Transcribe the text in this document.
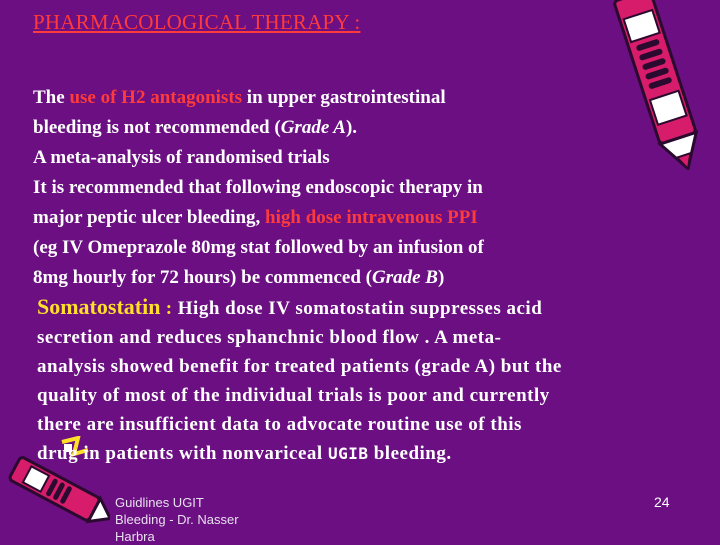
PHARMACOLOGICAL THERAPY :
The use of H2 antagonists in upper gastrointestinal
bleeding is not recommended (Grade A).
A meta-analysis of randomised trials
It is recommended that following endoscopic therapy in
major peptic ulcer bleeding, high dose intravenous PPI
(eg IV Omeprazole 80mg stat followed by an infusion of
8mg hourly for 72 hours) be commenced (Grade B)
Somatostatin : High dose IV somatostatin suppresses acid
secretion and reduces sphanchnic blood flow . A meta-
analysis showed benefit for treated patients (grade A) but the
quality of most of the individual trials is poor and currently
there are insufficient data to advocate routine use of this
drug in patients with nonvariceal UGIB bleeding.
Guidlines UGIT Bleeding - Dr. Nasser Harbra
24
